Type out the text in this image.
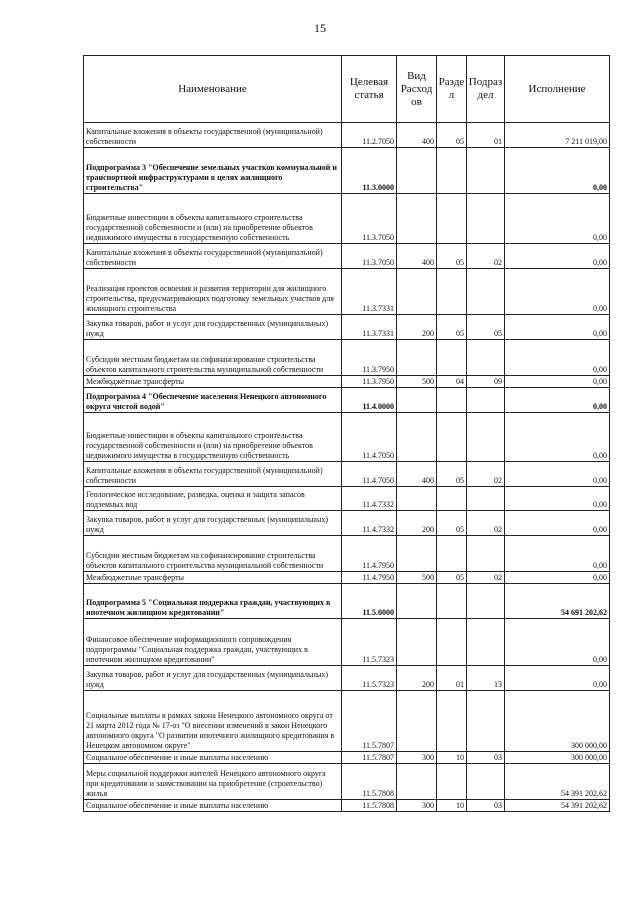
15
Наименование	Целевая статья	Вид Расход ов	Разде л	Подраз дел	Исполнение
Капитальные вложения в объекты государственной (муниципальной) собственности	11.2.7050	400	05	01	7 211 019,00
Подпрограмма 3 "Обеспечение земельных участков коммунальной и транспортной инфраструктурами в целях жилищного строительства"	11.3.0000				0,00
Бюджетные инвестиции в объекты капитального строительства государственной собственности и (или) на приобретение объектов недвижимого имущества в государственную собственность	11.3.7050				0,00
Капитальные вложения в объекты государственной (муниципальной) собственности	11.3.7050	400	05	02	0,00
Реализация проектов освоения и развития территории для жилищного строительства, предусматривающих подготовку земельных участков для жилищного строительства	11.3.7331				0,00
Закупка товаров, работ и услуг для государственных (муниципальных) нужд	11.3.7331	200	05	05	0,00
Субсидии местным бюджетам на софинансирование строительства объектов капитального строительства муниципальной собственности	11.3.7950				0,00
Межбюджетные трансферты	11.3.7950	500	04	09	0,00
Подпрограмма 4 "Обеспечение населения Ненецкого автономного округа чистой водой"	11.4.0000				0,00
Бюджетные инвестиции в объекты капитального строительства государственной собственности и (или) на приобретение объектов недвижимого имущества в государственную собственность	11.4.7050				0,00
Капитальные вложения в объекты государственной (муниципальной) собственности	11.4.7050	400	05	02	0,00
Геологическое исследование, разведка, оценка и защита запасов подземных вод	11.4.7332				0,00
Закупка товаров, работ и услуг для государственных (муниципальных) нужд	11.4.7332	200	05	02	0,00
Субсидии местным бюджетам на софинансирование строительства объектов капитального строительства муниципальной собственности	11.4.7950				0,00
Межбюджетные трансферты	11.4.7950	500	05	02	0,00
Подпрограмма 5 "Социальная поддержка граждан, участвующих в ипотечном жилищном кредитовании"	11.5.0000				54 691 202,62
Финансовое обеспечение информационного сопровождения подпрограммы "Социальная поддержка граждан, участвующих в ипотечном жилищном кредитовании"	11.5.7323				0,00
Закупка товаров, работ и услуг для государственных (муниципальных) нужд	11.5.7323	200	01	13	0,00
Социальные выплаты в рамках закона Ненецкого автономного округа от 21 марта 2012 года № 17-оз "О внесении изменений в закон Ненецкого автономного округа "О развитии ипотечного жилищного кредитования в Ненецком автономном округе"	11.5.7807				300 000,00
Социальное обеспечение и иные выплаты населению	11.5.7807	300	10	03	300 000,00
Меры социальной поддержки жителей Ненецкого автономного округа при кредитовании и заимствовании на приобретение (строительство) жилья	11.5.7808				54 391 202,62
Социальное обеспечение и иные выплаты населению	11.5.7808	300	10	03	54 391 202,62
